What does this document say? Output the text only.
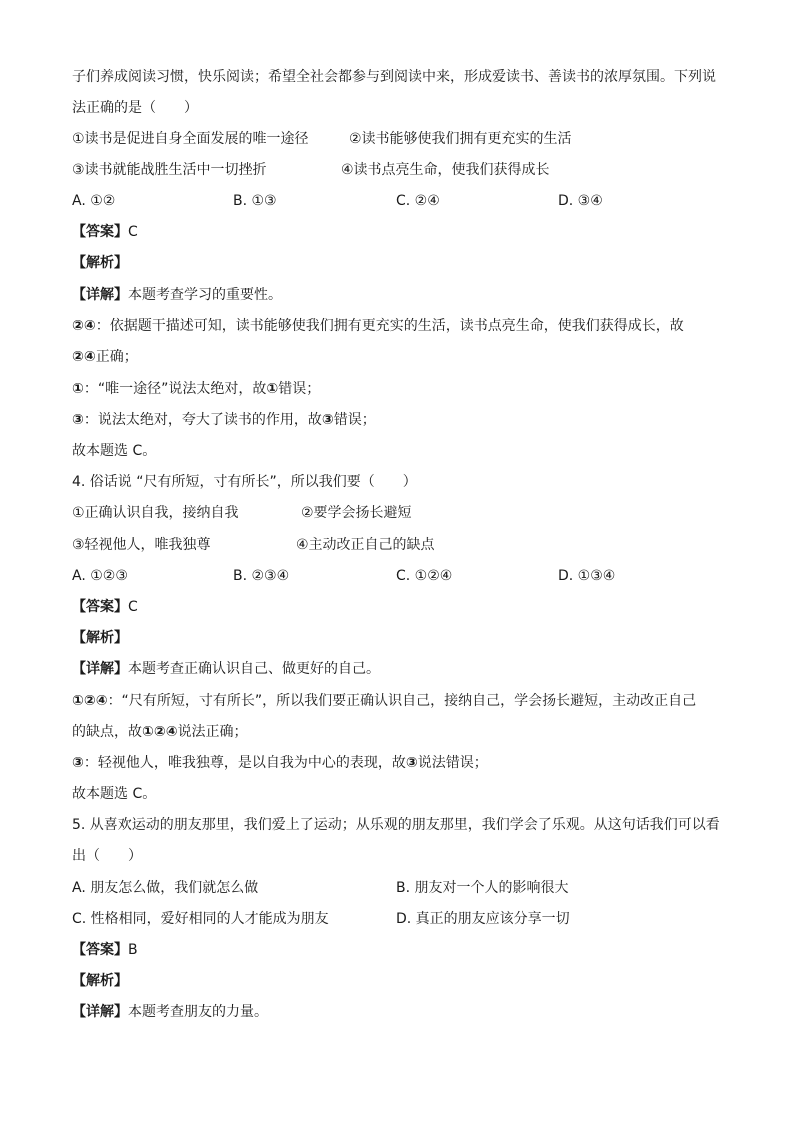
子们养成阅读习惯，快乐阅读；希望全社会都参与到阅读中来，形成爱读书、善读书的浓厚氛围。下列说
法正确的是（　　）
①读书是促进自身全面发展的唯一途径	②读书能够使我们拥有更充实的生活
③读书就能战胜生活中一切挫折	④读书点亮生命，使我们获得成长
A. ①②	B. ①③	C. ②④	D. ③④
【答案】C
【解析】
【详解】本题考查学习的重要性。
②④：依据题干描述可知，读书能够使我们拥有更充实的生活，读书点亮生命，使我们获得成长，故
②④正确；
①：“唯一途径”说法太绝对，故①错误；
③：说法太绝对，夸大了读书的作用，故③错误；
故本题选 C。
4. 俗话说 “尺有所短，寸有所长”，所以我们要（　　）
①正确认识自我，接纳自我	②要学会扬长避短
③轻视他人，唯我独尊	④主动改正自己的缺点
A. ①②③	B. ②③④	C. ①②④	D. ①③④
【答案】C
【解析】
【详解】本题考查正确认识自己、做更好的自己。
①②④：“尺有所短，寸有所长”，所以我们要正确认识自己，接纳自己，学会扬长避短，主动改正自己
的缺点，故①②④说法正确；
③：轻视他人，唯我独尊，是以自我为中心的表现，故③说法错误；
故本题选 C。
5. 从喜欢运动的朋友那里，我们爱上了运动；从乐观的朋友那里，我们学会了乐观。从这句话我们可以看
出（　　）
A. 朋友怎么做，我们就怎么做	B. 朋友对一个人的影响很大
C. 性格相同，爱好相同的人才能成为朋友	D. 真正的朋友应该分享一切
【答案】B
【解析】
【详解】本题考查朋友的力量。
